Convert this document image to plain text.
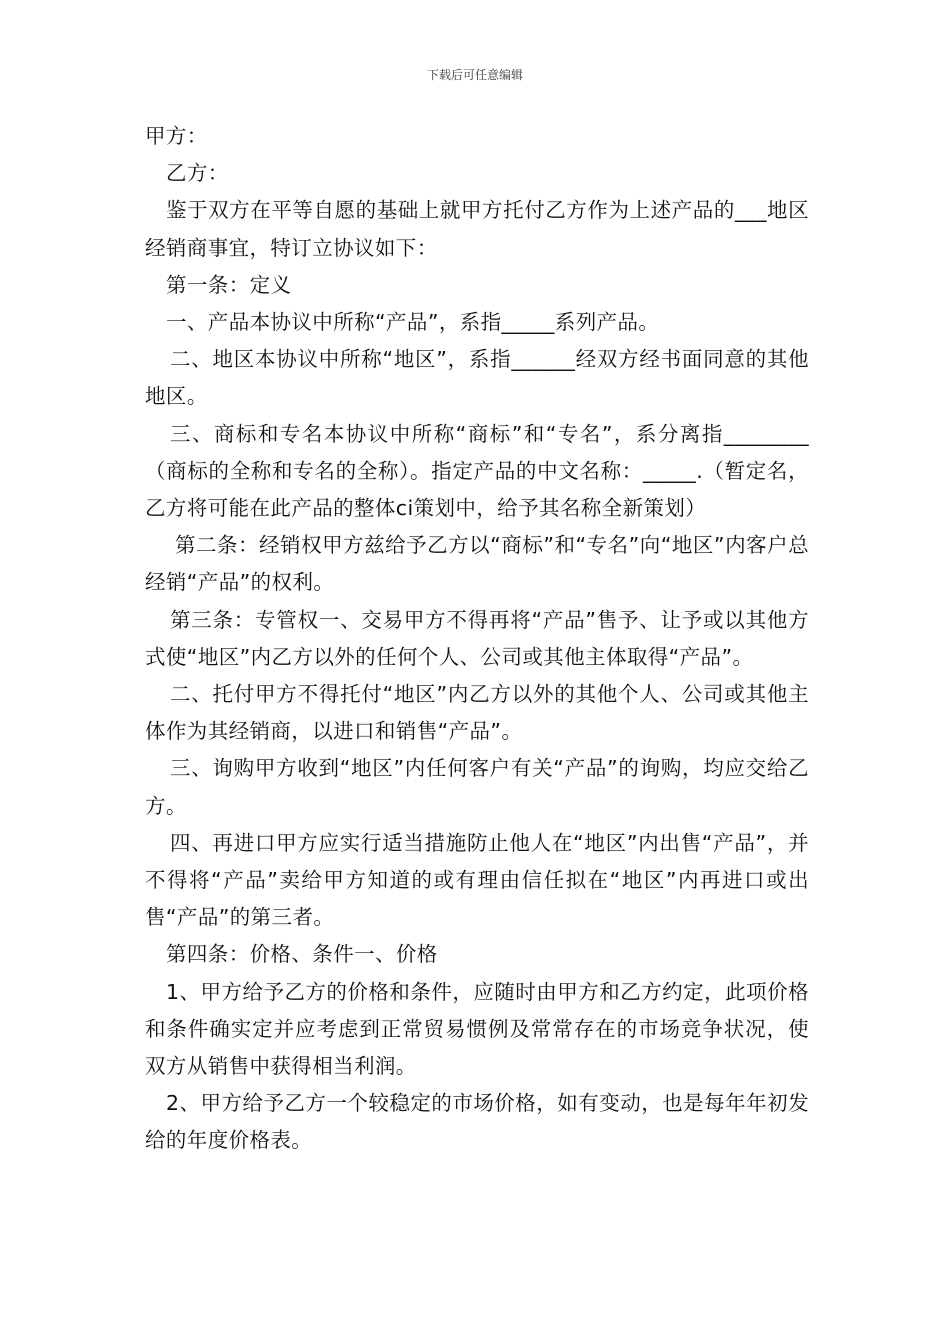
下载后可任意编辑

甲方：

乙方：

鉴于双方在平等自愿的基础上就甲方托付乙方作为上述产品的___地区经销商事宜，特订立协议如下：

第一条：定义

一、产品本协议中所称“产品”，系指_____系列产品。

二、地区本协议中所称“地区”，系指______经双方经书面同意的其他地区。

三、商标和专名本协议中所称“商标”和“专名”，系分离指________（商标的全称和专名的全称）。指定产品的中文名称：_____.（暂定名，乙方将可能在此产品的整体ci策划中，给予其名称全新策划）

第二条：经销权甲方兹给予乙方以“商标”和“专名”向“地区”内客户总经销“产品”的权利。

第三条：专管权一、交易甲方不得再将“产品”售予、让予或以其他方式使“地区”内乙方以外的任何个人、公司或其他主体取得“产品”。

二、托付甲方不得托付“地区”内乙方以外的其他个人、公司或其他主体作为其经销商，以进口和销售“产品”。

三、询购甲方收到“地区”内任何客户有关“产品”的询购，均应交给乙方。

四、再进口甲方应实行适当措施防止他人在“地区”内出售“产品”，并不得将“产品”卖给甲方知道的或有理由信任拟在“地区”内再进口或出售“产品”的第三者。

第四条：价格、条件一、价格

1、甲方给予乙方的价格和条件，应随时由甲方和乙方约定，此项价格和条件确实定并应考虑到正常贸易惯例及常常存在的市场竞争状况，使双方从销售中获得相当利润。

2、甲方给予乙方一个较稳定的市场价格，如有变动，也是每年年初发给的年度价格表。
